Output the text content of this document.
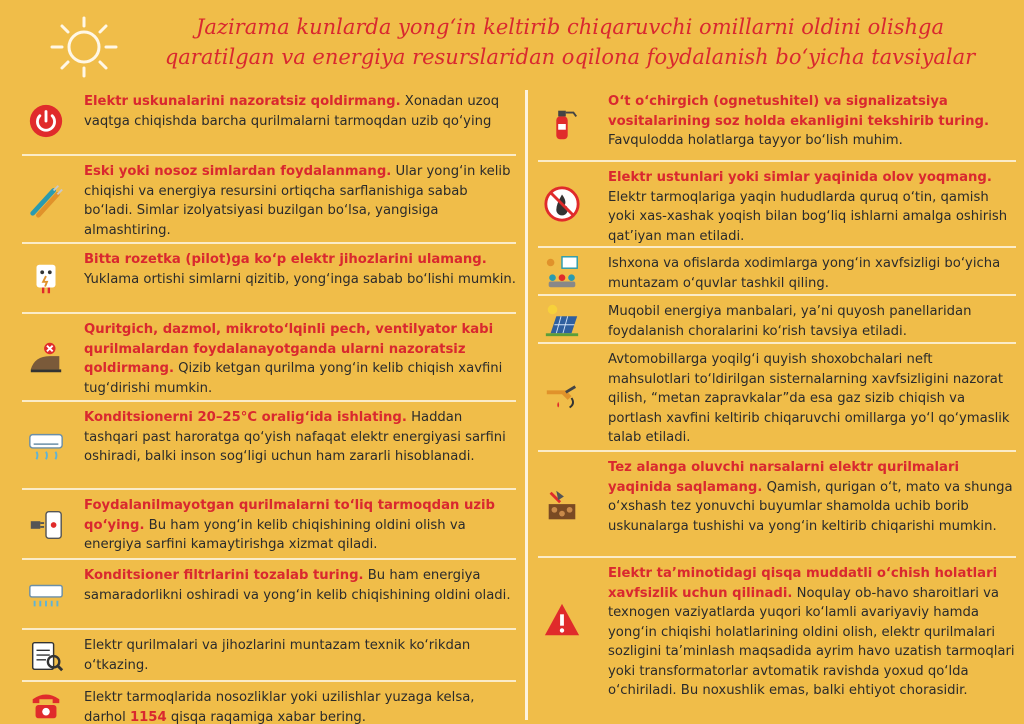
Jazirama kunlarda yong‘in keltirib chiqaruvchi omillarni oldini olishga
qaratilgan va energiya resurslaridan oqilona foydalanish bo‘yicha tavsiyalar
Elektr uskunalarini nazoratsiz qoldirmang. Xonadan uzoq vaqtga chiqishda barcha qurilmalarni tarmoqdan uzib qo‘ying
Eski yoki nosoz simlardan foydalanmang. Ular yong‘in kelib chiqishi va energiya resursini ortiqcha sarflanishiga sabab bo‘ladi. Simlar izolyatsiyasi buzilgan bo‘lsa, yangisiga almashtiring.
Bitta rozetka (pilot)ga ko‘p elektr jihozlarini ulamang. Yuklama ortishi simlarni qizitib, yong‘inga sabab bo‘lishi mumkin.
Quritgich, dazmol, mikroto‘lqinli pech, ventilyator kabi qurilmalardan foydalanayotganda ularni nazoratsiz qoldirmang. Qizib ketgan qurilma yong‘in kelib chiqish xavfini tug‘dirishi mumkin.
Konditsionerni 20–25°C oralig‘ida ishlating. Haddan tashqari past haroratga qo‘yish nafaqat elektr energiyasi sarfini oshiradi, balki inson sog‘ligi uchun ham zararli hisoblanadi.
Foydalanilmayotgan qurilmalarni to‘liq tarmoqdan uzib qo‘ying. Bu ham yong‘in kelib chiqishining oldini olish va energiya sarfini kamaytirishga xizmat qiladi.
Konditsioner filtrlarini tozalab turing. Bu ham energiya samaradorlikni oshiradi va yong‘in kelib chiqishining oldini oladi.
Elektr qurilmalari va jihozlarini muntazam texnik ko‘rikdan o‘tkazing.
Elektr tarmoqlarida nosozliklar yoki uzilishlar yuzaga kelsa, darhol 1154 qisqa raqamiga xabar bering.
O‘t o‘chirgich (ognetushitel) va signalizatsiya vositalarining soz holda ekanligini tekshirib turing. Favqulodda holatlarga tayyor bo‘lish muhim.
Elektr ustunlari yoki simlar yaqinida olov yoqmang. Elektr tarmoqlariga yaqin hududlarda quruq o‘tin, qamish yoki xas-xashak yoqish bilan bog‘liq ishlarni amalga oshirish qat’iyan man etiladi.
Ishxona va ofislarda xodimlarga yong‘in xavfsizligi bo‘yicha muntazam o‘quvlar tashkil qiling.
Muqobil energiya manbalari, ya’ni quyosh panellaridan foydalanish choralarini ko‘rish tavsiya etiladi.
Avtomobillarga yoqilg‘i quyish shoxobchalari neft mahsulotlari to‘ldirilgan sisternalarning xavfsizligini nazorat qilish, “metan zapravkalar”da esa gaz sizib chiqish va portlash xavfini keltirib chiqaruvchi omillarga yo‘l qo‘ymaslik talab etiladi.
Tez alanga oluvchi narsalarni elektr qurilmalari yaqinida saqlamang. Qamish, qurigan o‘t, mato va shunga o‘xshash tez yonuvchi buyumlar shamolda uchib borib uskunalarga tushishi va yong‘in keltirib chiqarishi mumkin.
Elektr ta’minotidagi qisqa muddatli o‘chish holatlari xavfsizlik uchun qilinadi. Noqulay ob-havo sharoitlari va texnogen vaziyatlarda yuqori ko‘lamli avariyaviy hamda yong‘in chiqishi holatlarining oldini olish, elektr qurilmalari sozligini ta’minlash maqsadida ayrim havo uzatish tarmoqlari yoki transformatorlar avtomatik ravishda yoxud qo‘lda o‘chiriladi. Bu noxushlik emas, balki ehtiyot chorasidir.
